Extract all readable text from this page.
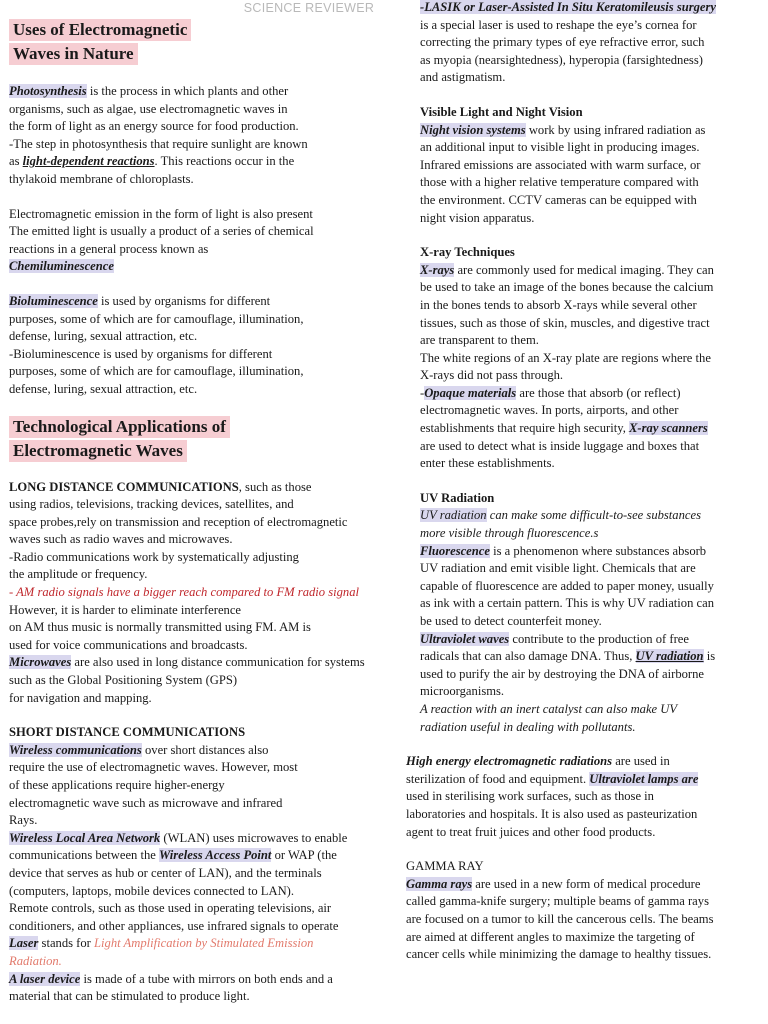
SCIENCE REVIEWER
Uses of Electromagnetic
Waves in Nature

Photosynthesis is the process in which plants and other

organisms, such as algae, use electromagnetic waves in

the form of light as an energy source for food production.

-The step in photosynthesis that require sunlight are known

as light-dependent reactions. This reactions occur in the

thylakoid membrane of chloroplasts.

Electromagnetic emission in the form of light is also present

The emitted light is usually a product of a series of chemical

reactions in a general process known as

Chemiluminescence

Bioluminescence is used by organisms for different

purposes, some of which are for camouflage, illumination,

defense, luring, sexual attraction, etc.

-Bioluminescence is used by organisms for different

purposes, some of which are for camouflage, illumination,

defense, luring, sexual attraction, etc.

Technological Applications of
Electromagnetic Waves

LONG DISTANCE COMMUNICATIONS, such as those

using radios, televisions, tracking devices, satellites, and

space probes,rely on transmission and reception of electromagnetic

waves such as radio waves and microwaves.

-Radio communications work by systematically adjusting

the amplitude or frequency.

- AM radio signals have a bigger reach compared to FM radio signal

However, it is harder to eliminate interference

on AM thus music is normally transmitted using FM. AM is

used for voice communications and broadcasts.

Microwaves are also used in long distance communication for systems

such as the Global Positioning System (GPS)

for navigation and mapping.

SHORT DISTANCE COMMUNICATIONS

Wireless communications over short distances also

require the use of electromagnetic waves. However, most

of these applications require higher-energy

electromagnetic wave such as microwave and infrared

Rays.

Wireless Local Area Network (WLAN) uses microwaves to enable

communications between the Wireless Access Point or WAP (the

device that serves as hub or center of LAN), and the terminals

(computers, laptops, mobile devices connected to LAN).

Remote controls, such as those used in operating televisions, air

conditioners, and other appliances, use infrared signals to operate

Laser stands for Light Amplification by Stimulated Emission

Radiation.

A laser device is made of a tube with mirrors on both ends and a

material that can be stimulated to produce light.

-LASIK or Laser-Assisted In Situ Keratomileusis surgery

is a special laser is used to reshape the eye’s cornea for

correcting the primary types of eye refractive error, such

as myopia (nearsightedness), hyperopia (farsightedness)

and astigmatism.

Visible Light and Night Vision

Night vision systems work by using infrared radiation as

an additional input to visible light in producing images.

Infrared emissions are associated with warm surface, or

those with a higher relative temperature compared with

the environment. CCTV cameras can be equipped with

night vision apparatus.

X-ray Techniques

X-rays are commonly used for medical imaging. They can

be used to take an image of the bones because the calcium

in the bones tends to absorb X-rays while several other

tissues, such as those of skin, muscles, and digestive tract

are transparent to them.

The white regions of an X-ray plate are regions where the

X-rays did not pass through.

-Opaque materials are those that absorb (or reflect)

electromagnetic waves. In ports, airports, and other

establishments that require high security, X-ray scanners

are used to detect what is inside luggage and boxes that

enter these establishments.

UV Radiation

UV radiation can make some difficult-to-see substances

more visible through fluorescence.s

Fluorescence is a phenomenon where substances absorb

UV radiation and emit visible light. Chemicals that are

capable of fluorescence are added to paper money, usually

as ink with a certain pattern. This is why UV radiation can

be used to detect counterfeit money.

Ultraviolet waves contribute to the production of free

radicals that can also damage DNA. Thus, UV radiation is

used to purify the air by destroying the DNA of airborne

microorganisms.

A reaction with an inert catalyst can also make UV

radiation useful in dealing with pollutants.

High energy electromagnetic radiations are used in

sterilization of food and equipment. Ultraviolet lamps are

used in sterilising work surfaces, such as those in

laboratories and hospitals. It is also used as pasteurization

agent to treat fruit juices and other food products.

GAMMA RAY

Gamma rays are used in a new form of medical procedure

called gamma-knife surgery; multiple beams of gamma rays

are focused on a tumor to kill the cancerous cells. The beams

are aimed at different angles to maximize the targeting of

cancer cells while minimizing the damage to healthy tissues.
